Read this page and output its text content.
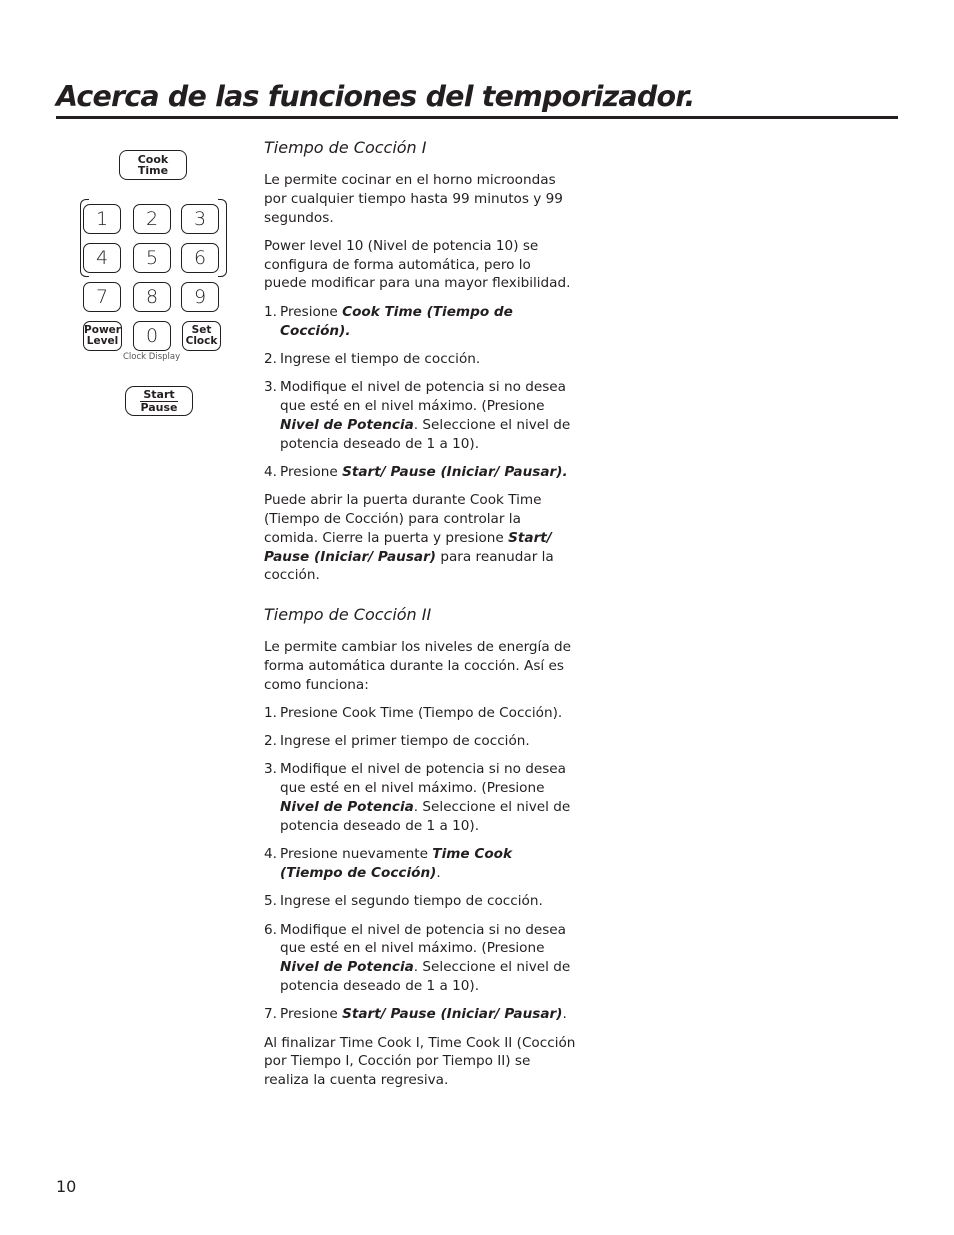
Acerca de las funciones del temporizador.
Cook
Time
1	2	3
4	5	6
7	8	9
Power
Level	0	Set
Clock
Clock Display
Start
Pause
Tiempo de Cocción I

Le permite cocinar en el horno microondas por cualquier tiempo hasta 99 minutos y 99 segundos.

Power level 10 (Nivel de potencia 10) se configura de forma automática, pero lo puede modificar para una mayor flexibilidad.

1. Presione Cook Time (Tiempo de Cocción).
2. Ingrese el tiempo de cocción.
3. Modifique el nivel de potencia si no desea que esté en el nivel máximo. (Presione Nivel de Potencia. Seleccione el nivel de potencia deseado de 1 a 10).
4. Presione Start/ Pause (Iniciar/ Pausar).

Puede abrir la puerta durante Cook Time (Tiempo de Cocción) para controlar la comida. Cierre la puerta y presione Start/ Pause (Iniciar/ Pausar) para reanudar la cocción.

Tiempo de Cocción II

Le permite cambiar los niveles de energía de forma automática durante la cocción. Así es como funciona:

1. Presione Cook Time (Tiempo de Cocción).
2. Ingrese el primer tiempo de cocción.
3. Modifique el nivel de potencia si no desea que esté en el nivel máximo. (Presione Nivel de Potencia. Seleccione el nivel de potencia deseado de 1 a 10).
4. Presione nuevamente Time Cook (Tiempo de Cocción).
5. Ingrese el segundo tiempo de cocción.
6. Modifique el nivel de potencia si no desea que esté en el nivel máximo. (Presione Nivel de Potencia. Seleccione el nivel de potencia deseado de 1 a 10).
7. Presione Start/ Pause (Iniciar/ Pausar).

Al finalizar Time Cook I, Time Cook II (Cocción por Tiempo I, Cocción por Tiempo II) se realiza la cuenta regresiva.

10
